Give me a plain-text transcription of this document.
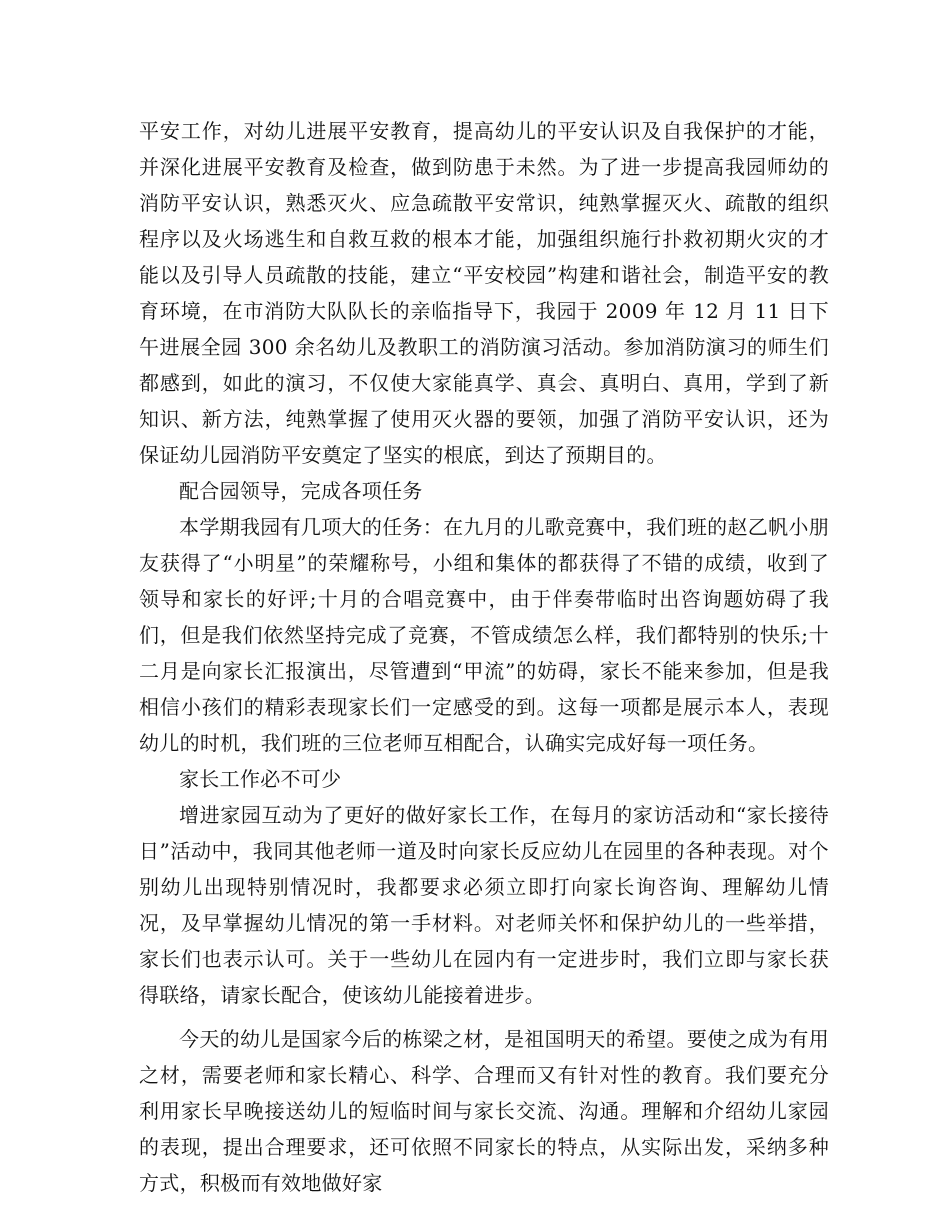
平安工作，对幼儿进展平安教育，提高幼儿的平安认识及自我保护的才能，并深化进展平安教育及检查，做到防患于未然。为了进一步提高我园师幼的消防平安认识，熟悉灭火、应急疏散平安常识，纯熟掌握灭火、疏散的组织程序以及火场逃生和自救互救的根本才能，加强组织施行扑救初期火灾的才能以及引导人员疏散的技能，建立“平安校园”构建和谐社会，制造平安的教育环境，在市消防大队队长的亲临指导下，我园于 2009 年 12 月 11 日下午进展全园 300 余名幼儿及教职工的消防演习活动。参加消防演习的师生们都感到，如此的演习，不仅使大家能真学、真会、真明白、真用，学到了新知识、新方法，纯熟掌握了使用灭火器的要领，加强了消防平安认识，还为保证幼儿园消防平安奠定了坚实的根底，到达了预期目的。

配合园领导，完成各项任务

本学期我园有几项大的任务：在九月的儿歌竞赛中，我们班的赵乙帆小朋友获得了“小明星”的荣耀称号，小组和集体的都获得了不错的成绩，收到了领导和家长的好评;十月的合唱竞赛中，由于伴奏带临时出咨询题妨碍了我们，但是我们依然坚持完成了竞赛，不管成绩怎么样，我们都特别的快乐;十二月是向家长汇报演出，尽管遭到“甲流”的妨碍，家长不能来参加，但是我相信小孩们的精彩表现家长们一定感受的到。这每一项都是展示本人，表现幼儿的时机，我们班的三位老师互相配合，认确实完成好每一项任务。

家长工作必不可少

增进家园互动为了更好的做好家长工作，在每月的家访活动和“家长接待日”活动中，我同其他老师一道及时向家长反应幼儿在园里的各种表现。对个别幼儿出现特别情况时，我都要求必须立即打向家长询咨询、理解幼儿情况，及早掌握幼儿情况的第一手材料。对老师关怀和保护幼儿的一些举措，家长们也表示认可。关于一些幼儿在园内有一定进步时，我们立即与家长获得联络，请家长配合，使该幼儿能接着进步。

今天的幼儿是国家今后的栋梁之材，是祖国明天的希望。要使之成为有用之材，需要老师和家长精心、科学、合理而又有针对性的教育。我们要充分利用家长早晚接送幼儿的短临时间与家长交流、沟通。理解和介绍幼儿家园的表现，提出合理要求，还可依照不同家长的特点，从实际出发，采纳多种方式，积极而有效地做好家
